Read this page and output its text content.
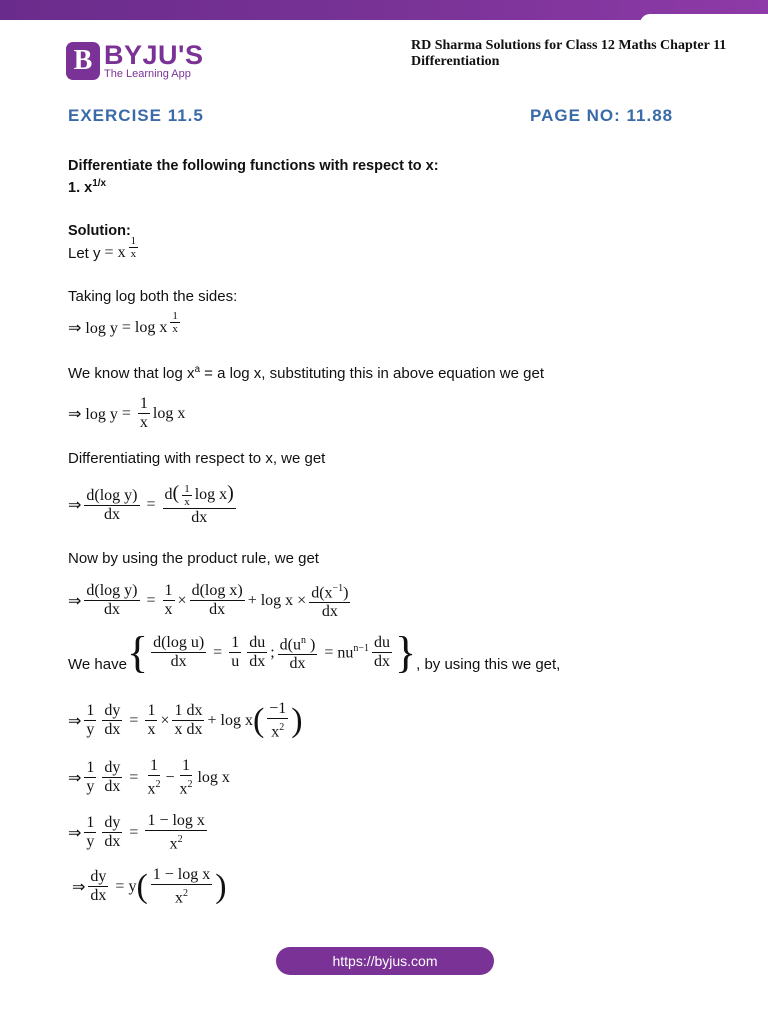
B BYJU'S
The Learning App
RD Sharma Solutions for Class 12 Maths Chapter 11
Differentiation
EXERCISE 11.5	PAGE NO: 11.88
Differentiate the following functions with respect to x:
1. $x^{1/x}$
Solution:
Let y = x $\frac{1}{x}$
Taking log both the sides:
⇒ log y = log x $\frac{1}{x}$
We know that $\log x^a = a$ log x, substituting this in above equation we get
⇒ $\log y = \frac{1}{x}$ log x
Differentiating with respect to x, we get
⇒ $\frac{\text{d(log y)}}{dx} = \frac{d( \frac{1}{x} \log x)}{dx}$
Now by using the product rule, we get
⇒ $\frac{\text{d(log y)}}{dx} = \frac{1}{x} \times \frac{\text{d(log x)}}{dx} + \log x \times \frac{d(x^{-1})}{dx}$
We have { $\frac{\text{d(log u)}}{dx} = \frac{1}{u} \frac{du}{dx}$ ; $\frac{d(u^n )}{dx} = nu^{n-1} \frac{du}{dx}$ } , by using this we get,
⇒ $\frac{1}{y} \frac{dy}{dx} = \frac{1}{x} \times \frac{1 dx}{\text{x dx}} + \log x$ ( $\frac{-1}{x^2}$ )
⇒ $\frac{1}{y} \frac{dy}{dx} = \frac{1}{x^2} - \frac{1}{x^2}$ log x
⇒ $\frac{1}{y} \frac{dy}{dx} = \frac{\text{1 − log x}}{x^2}$
⇒ $\frac{dy}{dx} = y$ ( $\frac{\text{1 − log x}}{x^2}$ )
https://byjus.com
